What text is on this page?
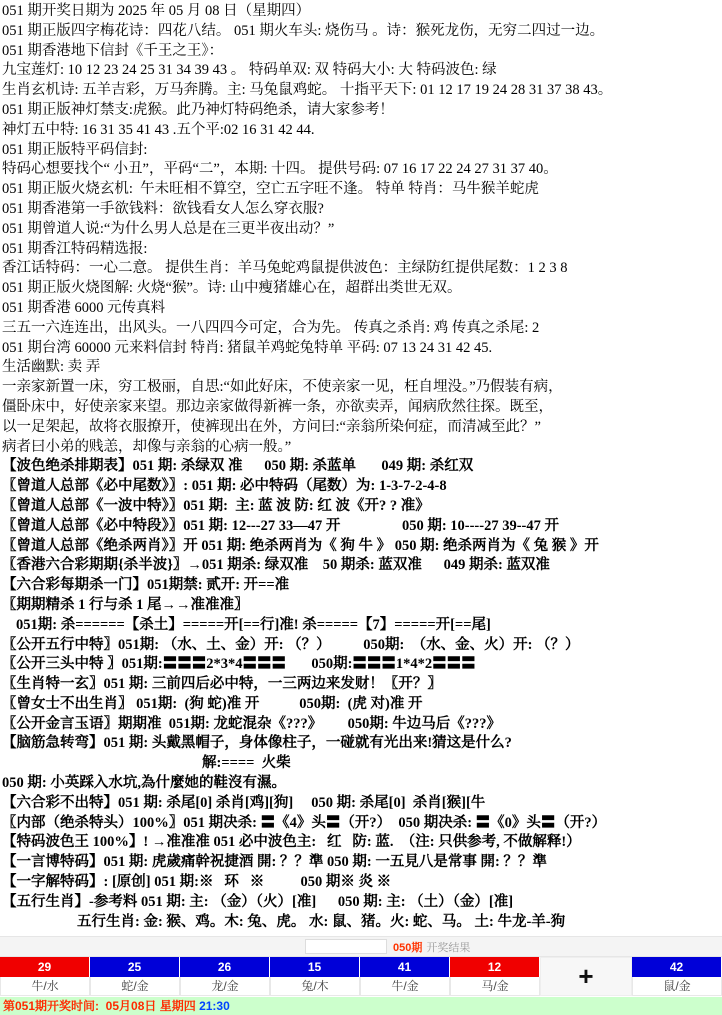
051 期开奖日期为 2025 年 05 月 08 日（星期四）
051 期正版四字梅花诗：四花八结。 051 期火车头: 烧伤马 。诗：猴死龙伤，无穷二四过一边。
051 期香港地下信封《千王之王》：
九宝莲灯: 10 12 23 24 25 31 34 39 43 。 特码单双: 双 特码大小: 大 特码波色: 绿
生肖玄机诗: 五羊吉彩，万马奔腾。主: 马兔鼠鸡蛇。 十指平天下: 01 12 17 19 24 28 31 37 38 43。
051 期正版神灯禁支:虎猴。此乃神灯特码绝杀，请大家参考！
神灯五中特: 16 31 35 41 43 .五个平:02 16 31 42 44.
051 期正版特平码信封:
特码心想要找个“ 小丑”，平码“二”，本期: 十四。 提供号码: 07 16 17 22 24 27 31 37 40。
051 期正版火烧玄机:  午未旺相不算空，空亡五字旺不逢。 特单 特肖：马牛猴羊蛇虎
051 期香港第一手欲钱料：欲钱看女人怎么穿衣服?
051 期曾道人说:“为什么男人总是在三更半夜出动？”
051 期香江特码精选报:
香江话特码：一心二意。 提供生肖：羊马兔蛇鸡鼠提供波色：主绿防红提供尾数：1 2 3 8
051 期正版火烧图解: 火烧“猴”。诗: 山中瘦猪雄心在，超群出类世无双。
051 期香港 6000 元传真料
三五一六连连出，出风头。一八四四今可定，合为先。 传真之杀肖: 鸡 传真之杀尾: 2
051 期台湾 60000 元来料信封 特肖: 猪鼠羊鸡蛇兔特单 平码: 07 13 24 31 42 45.
生活幽默: 卖 弄
一亲家新置一床，穷工极丽，自思:“如此好床，不使亲家一见，枉自埋没。”乃假装有病，
僵卧床中，好使亲家来望。那边亲家做得新裤一条，亦欲卖弄，闻病欣然往探。既至，
以一足架起，故将衣服撩开，使裤现出在外，方问曰:“亲翁所染何症，而清减至此？”
病者曰小弟的贱恙，却像与亲翁的心病一般。”
【波色绝杀排期表】051 期: 杀绿双 准      050 期: 杀蓝单       049 期: 杀红双
〖曾道人总部《必中尾数》〗: 051 期: 必中特码（尾数）为: 1-3-7-2-4-8
〖曾道人总部《一波中特》〗051 期:  主: 蓝 波 防: 红 波《开? ? 准》
〖曾道人总部《必中特段》〗051 期: 12---27 33—47 开                 050 期: 10----27 39--47 开
〖曾道人总部《绝杀两肖》〗开 051 期: 绝杀两肖为《 狗 牛 》 050 期: 绝杀两肖为《 兔 猴 》开
〖香港六合彩期期{杀半波}〗→051 期杀: 绿双准    50 期杀: 蓝双准      049 期杀: 蓝双准
【六合彩每期杀一门】051期禁: 贰开: 开==准
〖期期精杀 1 行与杀 1 尾→→准准准〗
051期: 杀======【杀土】=====开[==行]准! 杀=====【7】=====开[==尾]
〖公开五行中特〗051期: （水、土、金）开: （？）         050期:  （水、金、火）开: （？）
〖公开三头中特 〗051期:〓〓〓2*3*4〓〓〓       050期:〓〓〓1*4*2〓〓〓
〖生肖特一玄〗051 期: 三前四后必中特，一三两边来发财！〖开？〗
〖曾女士不出生肖〗 051期:  (狗 蛇)准 开           050期:  (虎 对)准 开
〖公开金言玉语〗期期准  051期: 龙蛇混杂《???》       050期: 牛边马后《???》
【脑筋急转弯】051 期: 头戴黑帽子，身体像柱子，一碰就有光出来!猜这是什么?
解:====  火柴
050 期: 小英踩入水坑,為什麼她的鞋沒有濕。
【六合彩不出特】051 期: 杀尾[0] 杀肖[鸡][狗]     050 期: 杀尾[0]  杀肖[猴][牛
〖内部（绝杀特头）100%〗051 期决杀: 〓《4》头〓（开?）  050 期决杀: 〓《0》头〓（开?）
【特码波色王 100%】! →准准准 051 必中波色主:   红   防: 蓝.  （注: 只供参考, 不做解释!）
【一言博特码】051 期: 虎歲痛幹祝捷酒 開: ？？準 050 期: 一五見八是常事 開: ？？準
【一字解特码】: [原创] 051 期:※   环   ※          050 期※ 炎 ※
【五行生肖】-参考料 051 期: 主: （金）（火）[准]      050 期: 主: （土）（金）[准]
五行生肖: 金: 猴、鸡。木: 兔、虎。 水: 鼠、猪。火: 蛇、马。 土: 牛龙-羊-狗
050期 开奖结果
29
牛/水
25
蛇/金
26
龙/金
15
兔/木
41
牛/金
12
马/金	+	42
鼠/金
第051期开奖时间:  05月08日 星期四 21:30
